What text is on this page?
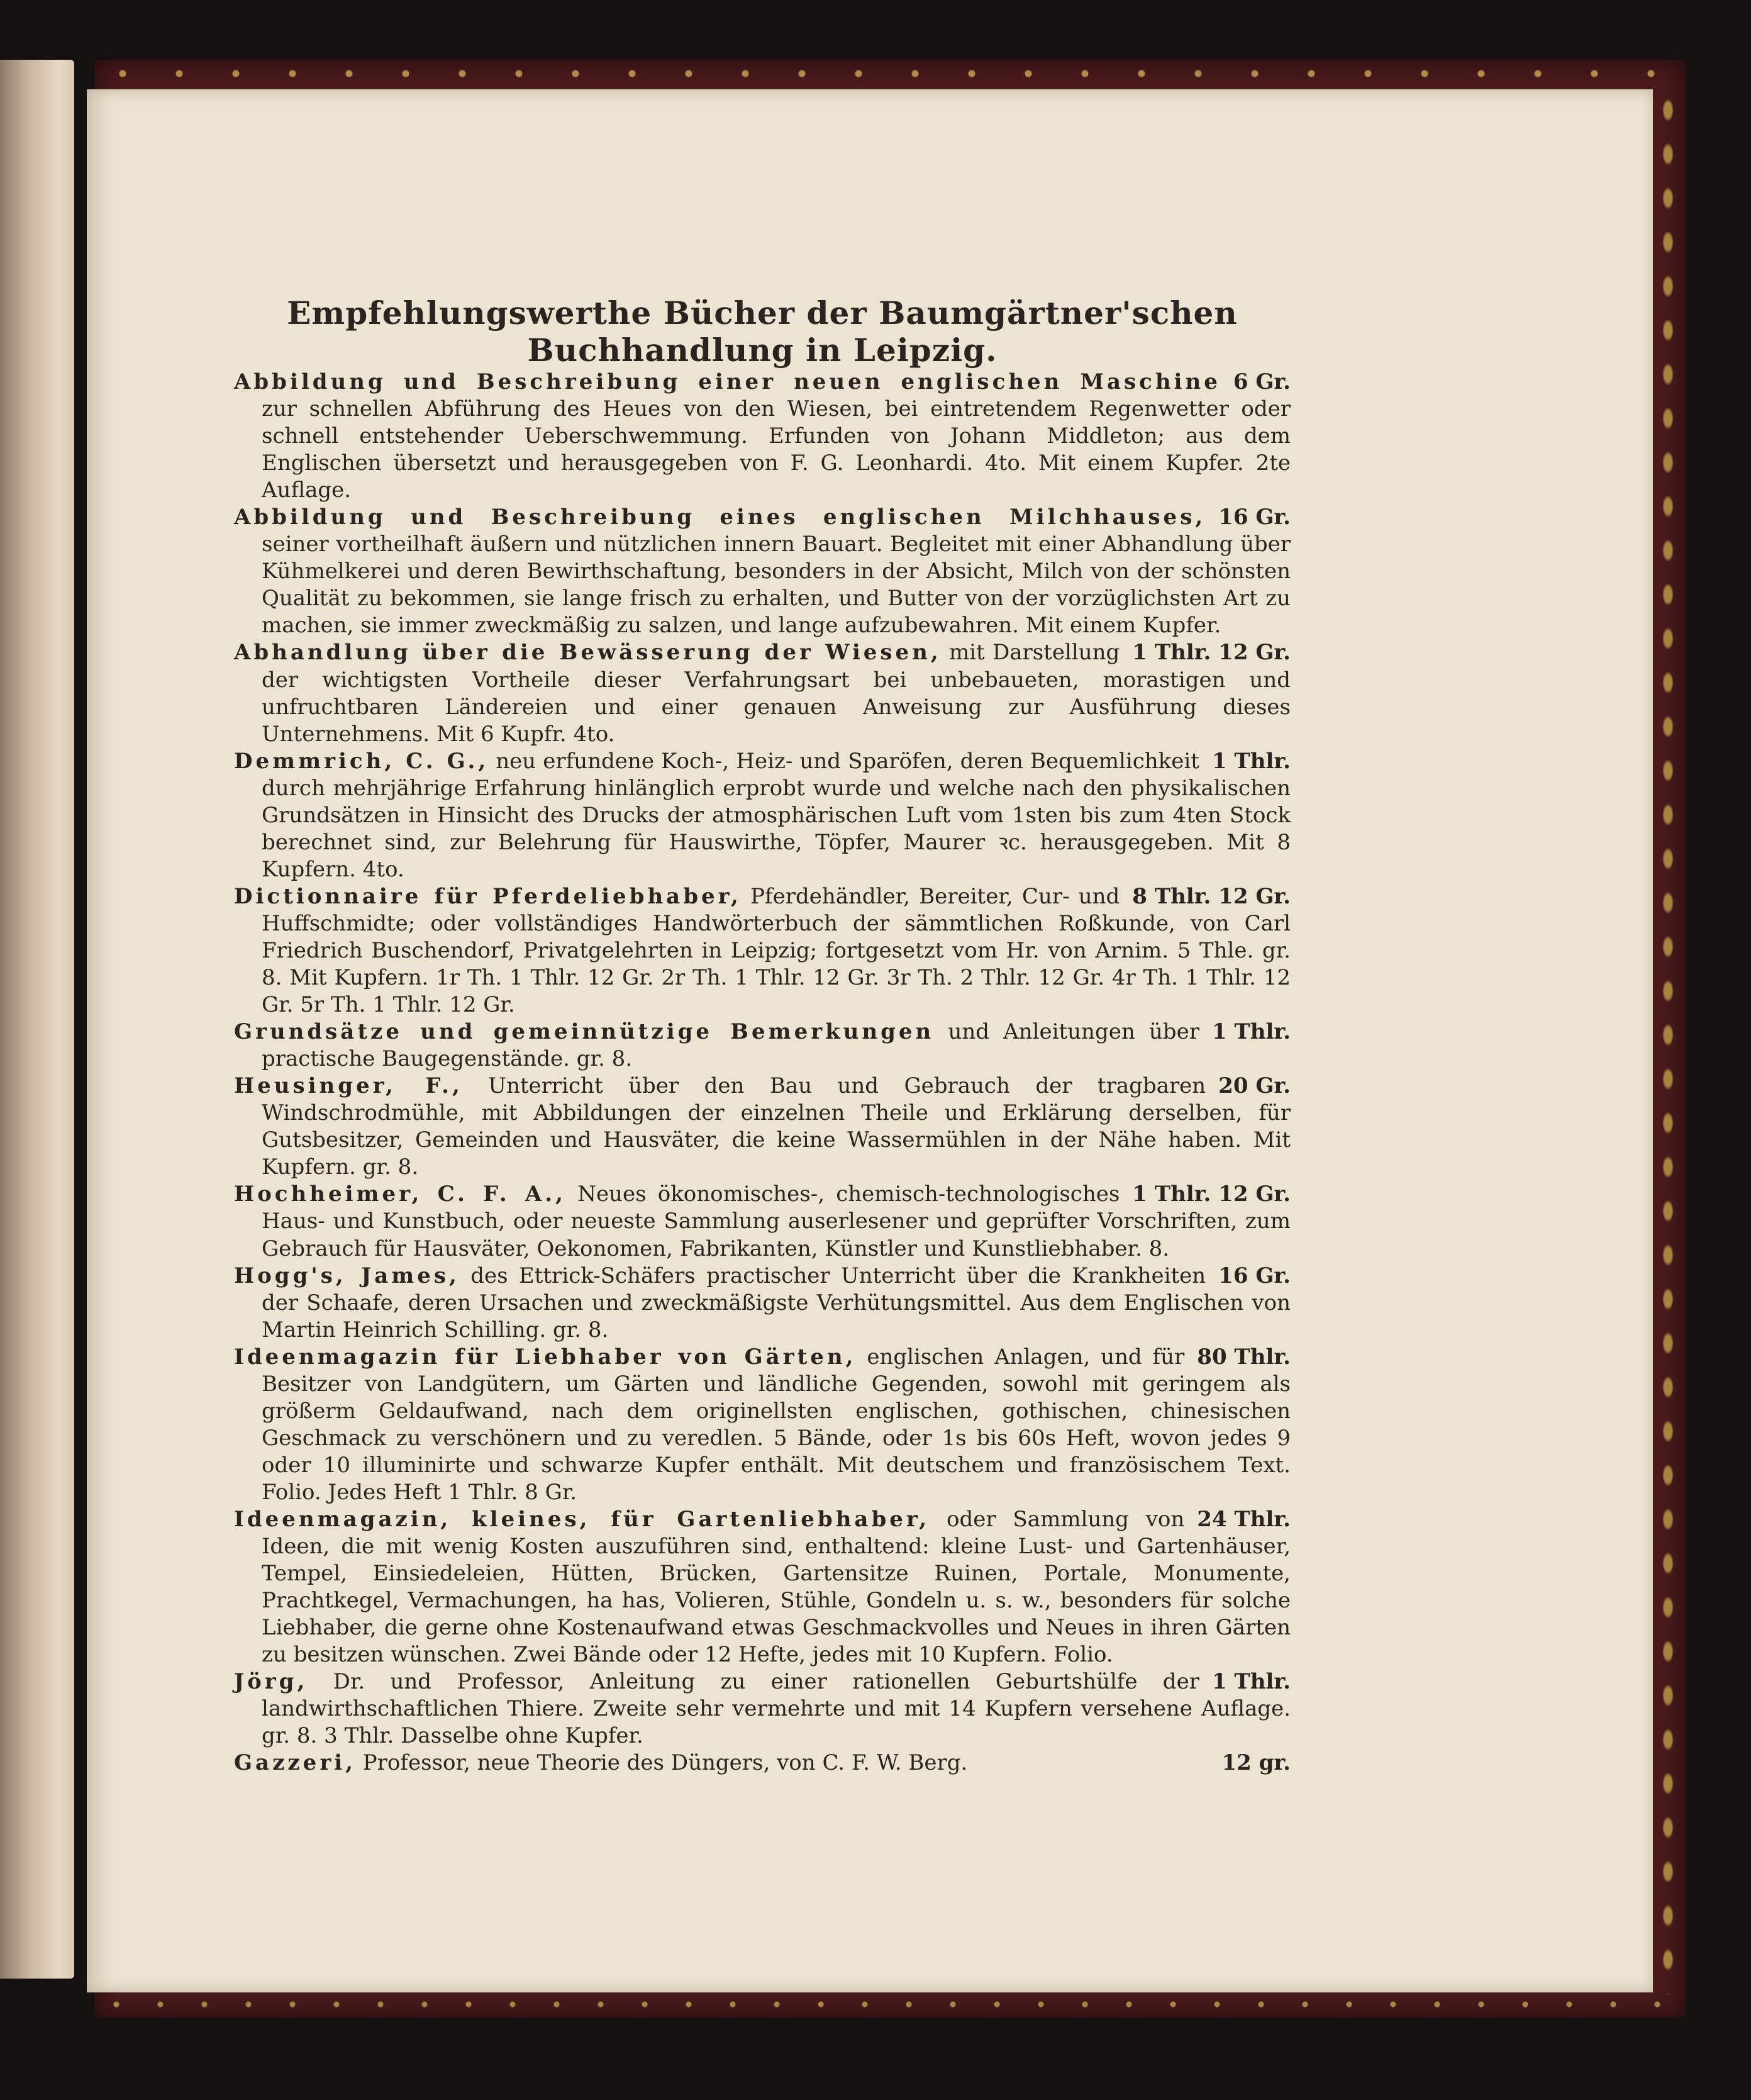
Empfehlungswerthe Bücher der Baumgärtner'schen Buchhandlung in Leipzig.

6 Gr.
Abbildung und Beschreibung einer neuen englischen Maschine zur schnellen Abführung des Heues von den Wiesen, bei eintretendem Regenwetter oder schnell entstehender Ueberschwemmung. Erfunden von Johann Middleton; aus dem Englischen übersetzt und herausgegeben von F. G. Leonhardi. 4to. Mit einem Kupfer. 2te Auflage.

16 Gr.
Abbildung und Beschreibung eines englischen Milchhauses, seiner vortheilhaft äußern und nützlichen innern Bauart. Begleitet mit einer Abhandlung über Kühmelkerei und deren Bewirthschaftung, besonders in der Absicht, Milch von der schönsten Qualität zu bekommen, sie lange frisch zu erhalten, und Butter von der vorzüglichsten Art zu machen, sie immer zweckmäßig zu salzen, und lange aufzubewahren. Mit einem Kupfer.

1 Thlr. 12 Gr.
Abhandlung über die Bewässerung der Wiesen, mit Darstellung der wichtigsten Vortheile dieser Verfahrungsart bei unbebaueten, morastigen und unfruchtbaren Ländereien und einer genauen Anweisung zur Ausführung dieses Unternehmens. Mit 6 Kupfr. 4to.

1 Thlr.
Demmrich, C. G., neu erfundene Koch-, Heiz- und Sparöfen, deren Bequemlichkeit durch mehrjährige Erfahrung hinlänglich erprobt wurde und welche nach den physikalischen Grundsätzen in Hinsicht des Drucks der atmosphärischen Luft vom 1sten bis zum 4ten Stock berechnet sind, zur Belehrung für Hauswirthe, Töpfer, Maurer ꝛc. herausgegeben. Mit 8 Kupfern. 4to.

8 Thlr. 12 Gr.
Dictionnaire für Pferdeliebhaber, Pferdehändler, Bereiter, Cur- und Huffschmidte; oder vollständiges Handwörterbuch der sämmtlichen Roßkunde, von Carl Friedrich Buschendorf, Privatgelehrten in Leipzig; fortgesetzt vom Hr. von Arnim. 5 Thle. gr. 8. Mit Kupfern. 1r Th. 1 Thlr. 12 Gr. 2r Th. 1 Thlr. 12 Gr. 3r Th. 2 Thlr. 12 Gr. 4r Th. 1 Thlr. 12 Gr. 5r Th. 1 Thlr. 12 Gr.

1 Thlr.
Grundsätze und gemeinnützige Bemerkungen und Anleitungen über practische Baugegenstände. gr. 8.

20 Gr.
Heusinger, F., Unterricht über den Bau und Gebrauch der tragbaren Windschrodmühle, mit Abbildungen der einzelnen Theile und Erklärung derselben, für Gutsbesitzer, Gemeinden und Hausväter, die keine Wassermühlen in der Nähe haben. Mit Kupfern. gr. 8.

1 Thlr. 12 Gr.
Hochheimer, C. F. A., Neues ökonomisches-, chemisch-technologisches Haus- und Kunstbuch, oder neueste Sammlung auserlesener und geprüfter Vorschriften, zum Gebrauch für Hausväter, Oekonomen, Fabrikanten, Künstler und Kunstliebhaber. 8.

16 Gr.
Hogg's, James, des Ettrick-Schäfers practischer Unterricht über die Krankheiten der Schaafe, deren Ursachen und zweckmäßigste Verhütungsmittel. Aus dem Englischen von Martin Heinrich Schilling. gr. 8.

80 Thlr.
Ideenmagazin für Liebhaber von Gärten, englischen Anlagen, und für Besitzer von Landgütern, um Gärten und ländliche Gegenden, sowohl mit geringem als größerm Geldaufwand, nach dem originellsten englischen, gothischen, chinesischen Geschmack zu verschönern und zu veredlen. 5 Bände, oder 1s bis 60s Heft, wovon jedes 9 oder 10 illuminirte und schwarze Kupfer enthält. Mit deutschem und französischem Text. Folio. Jedes Heft 1 Thlr. 8 Gr.

24 Thlr.
Ideenmagazin, kleines, für Gartenliebhaber, oder Sammlung von Ideen, die mit wenig Kosten auszuführen sind, enthaltend: kleine Lust- und Gartenhäuser, Tempel, Einsiedeleien, Hütten, Brücken, Gartensitze Ruinen, Portale, Monumente, Prachtkegel, Vermachungen, ha has, Volieren, Stühle, Gondeln u. s. w., besonders für solche Liebhaber, die gerne ohne Kostenaufwand etwas Geschmackvolles und Neues in ihren Gärten zu besitzen wünschen. Zwei Bände oder 12 Hefte, jedes mit 10 Kupfern. Folio.

1 Thlr.
Jörg, Dr. und Professor, Anleitung zu einer rationellen Geburtshülfe der landwirthschaftlichen Thiere. Zweite sehr vermehrte und mit 14 Kupfern versehene Auflage. gr. 8. 3 Thlr. Dasselbe ohne Kupfer.

12 gr.
Gazzeri, Professor, neue Theorie des Düngers, von C. F. W. Berg.
